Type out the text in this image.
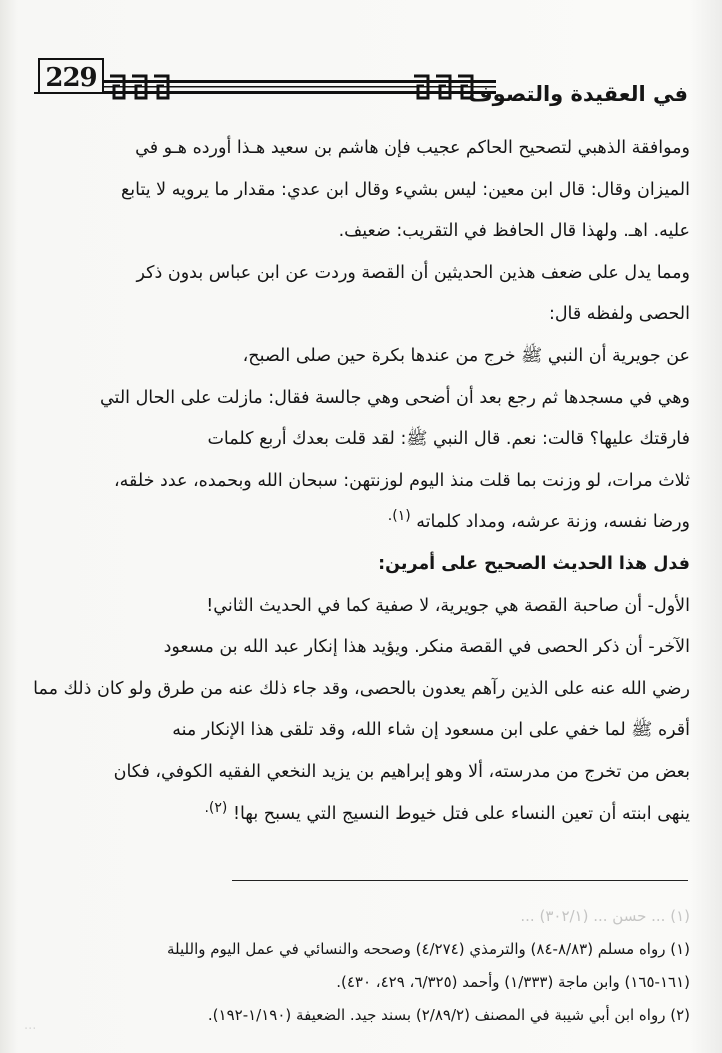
229
في العقيدة والتصوف
وموافقة الذهبي لتصحيح الحاكم عجيب فإن هاشم بن سعيد هـذا أورده هـو في
الميزان وقال: قال ابن معين: ليس بشيء وقال ابن عدي: مقدار ما يرويه لا يتابع
عليه. اهـ. ولهذا قال الحافظ في التقريب: ضعيف.
ومما يدل على ضعف هذين الحديثين أن القصة وردت عن ابن عباس بدون ذكر
الحصى ولفظه قال:
عن جويرية أن النبي ﷺ خرج من عندها بكرة حين صلى الصبح،
وهي في مسجدها ثم رجع بعد أن أضحى وهي جالسة فقال: مازلت على الحال التي
فارقتك عليها؟ قالت: نعم. قال النبي ﷺ: لقد قلت بعدك أربع كلمات
ثلاث مرات، لو وزنت بما قلت منذ اليوم لوزنتهن: سبحان الله وبحمده، عدد خلقه،
ورضا نفسه، وزنة عرشه، ومداد كلماته $^{(١).}$
فدل هذا الحديث الصحيح على أمرين:
الأول- أن صاحبة القصة هي جويرية، لا صفية كما في الحديث الثاني!
الآخر- أن ذكر الحصى في القصة منكر. ويؤيد هذا إنكار عبد الله بن مسعود
رضي الله عنه على الذين رآهم يعدون بالحصى، وقد جاء ذلك عنه من طرق ولو كان ذلك مما
أقره ﷺ لما خفي على ابن مسعود إن شاء الله، وقد تلقى هذا الإنكار منه
بعض من تخرج من مدرسته، ألا وهو إبراهيم بن يزيد النخعي الفقيه الكوفي، فكان
ينهى ابنته أن تعين النساء على فتل خيوط النسيج التي يسبح بها! $^{(٢).}$
(١) ... حسن ... (٣٠٢/١) ...
(١) رواه مسلم (٨/٨٣-٨٤) والترمذي (٤/٢٧٤) وصححه والنسائي في عمل اليوم والليلة
(١٦١-١٦٥) وابن ماجة (١/٣٣٣) وأحمد (٦/٣٢٥، ٤٢٩، ٤٣٠).
(٢) رواه ابن أبي شيبة في المصنف (٢/٨٩/٢) بسند جيد. الضعيفة (١/١٩٠-١٩٢).
...
